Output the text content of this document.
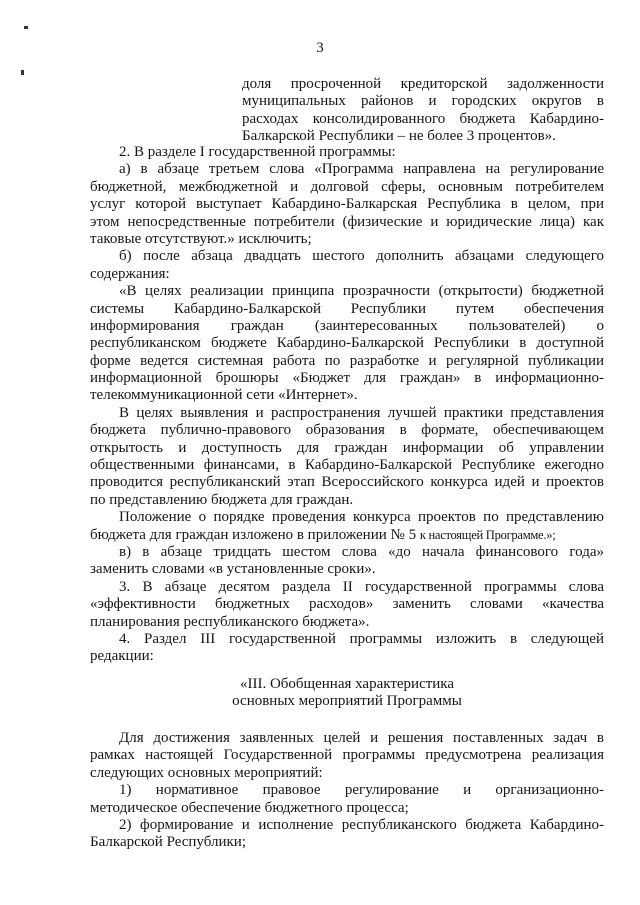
3
доля просроченной кредиторской задолженности
муниципальных районов и городских округов в
расходах консолидированного бюджета Кабардино-
Балкарской Республики – не более 3 процентов».
2. В разделе I государственной программы:
а) в абзаце третьем слова «Программа направлена на регулирование
бюджетной, межбюджетной и долговой сферы, основным потребителем
услуг которой выступает Кабардино-Балкарская Республика в целом, при
этом непосредственные потребители (физические и юридические лица) как
таковые отсутствуют.» исключить;
б) после абзаца двадцать шестого дополнить абзацами следующего
содержания:
«В целях реализации принципа прозрачности (открытости) бюджетной
системы Кабардино-Балкарской Республики путем обеспечения
информирования граждан (заинтересованных пользователей) о
республиканском бюджете Кабардино-Балкарской Республики в доступной
форме ведется системная работа по разработке и регулярной публикации
информационной брошюры «Бюджет для граждан» в информационно-
телекоммуникационной сети «Интернет».
В целях выявления и распространения лучшей практики представления
бюджета публично-правового образования в формате, обеспечивающем
открытость и доступность для граждан информации об управлении
общественными финансами, в Кабардино-Балкарской Республике ежегодно
проводится республиканский этап Всероссийского конкурса идей и проектов
по представлению бюджета для граждан.
Положение о порядке проведения конкурса проектов по представлению
бюджета для граждан изложено в приложении № 5 к настоящей Программе.»;
в) в абзаце тридцать шестом слова «до начала финансового года»
заменить словами «в установленные сроки».
3. В абзаце десятом раздела II государственной программы слова
«эффективности бюджетных расходов» заменить словами «качества
планирования республиканского бюджета».
4. Раздел III государственной программы изложить в следующей
редакции:
«III. Обобщенная характеристика
основных мероприятий Программы
Для достижения заявленных целей и решения поставленных задач в
рамках настоящей Государственной программы предусмотрена реализация
следующих основных мероприятий:
1) нормативное правовое регулирование и организационно-
методическое обеспечение бюджетного процесса;
2) формирование и исполнение республиканского бюджета Кабардино-
Балкарской Республики;
